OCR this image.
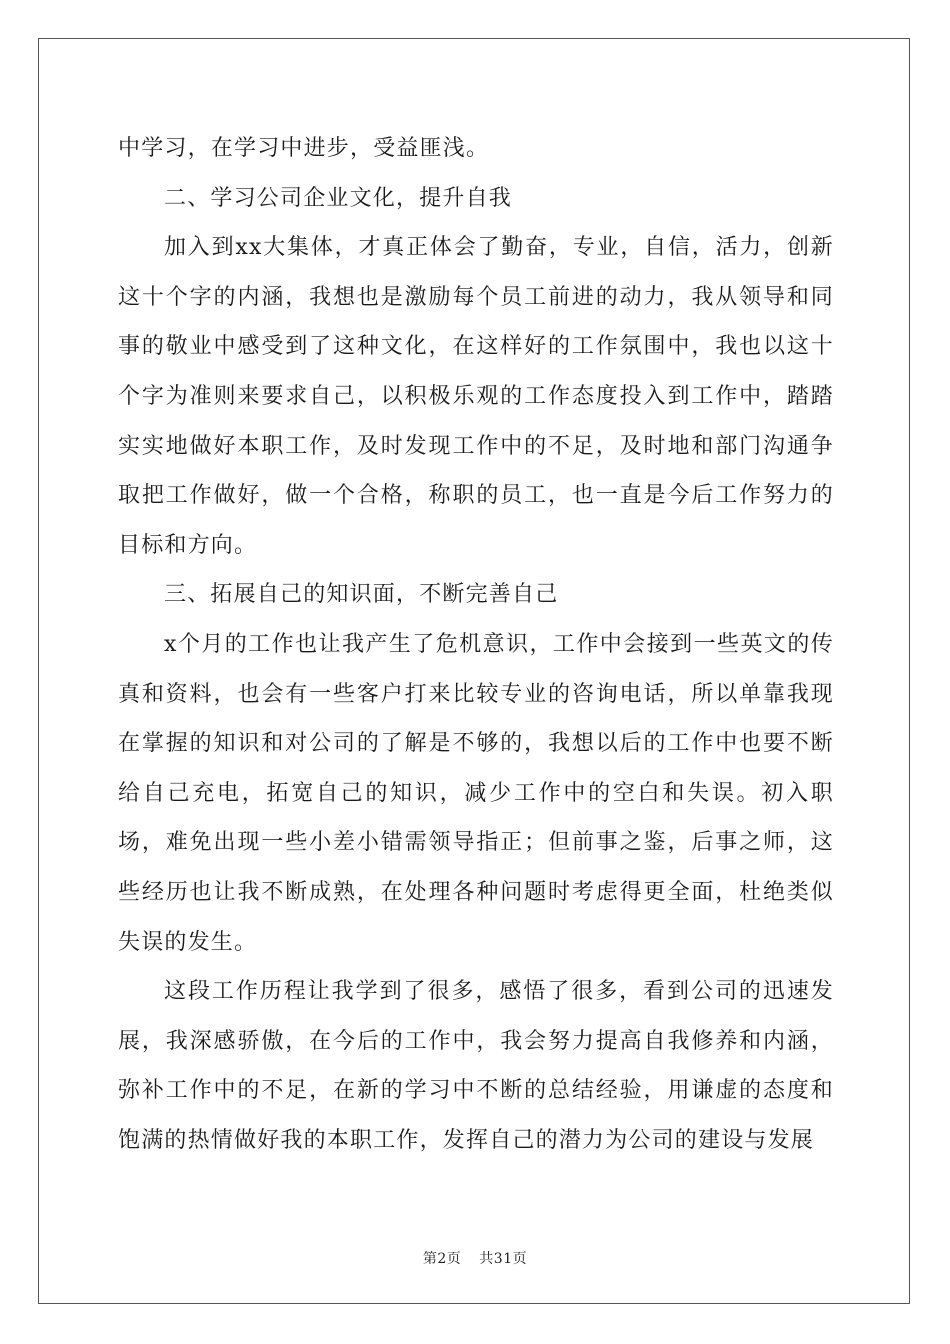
中学习，在学习中进步，受益匪浅。

二、学习公司企业文化，提升自我

加入到xx大集体，才真正体会了勤奋，专业，自信，活力，创新这十个字的内涵，我想也是激励每个员工前进的动力，我从领导和同事的敬业中感受到了这种文化，在这样好的工作氛围中，我也以这十个字为准则来要求自己，以积极乐观的工作态度投入到工作中，踏踏实实地做好本职工作，及时发现工作中的不足，及时地和部门沟通争取把工作做好，做一个合格，称职的员工，也一直是今后工作努力的目标和方向。

三、拓展自己的知识面，不断完善自己

x个月的工作也让我产生了危机意识，工作中会接到一些英文的传真和资料，也会有一些客户打来比较专业的咨询电话，所以单靠我现在掌握的知识和对公司的了解是不够的，我想以后的工作中也要不断给自己充电，拓宽自己的知识，减少工作中的空白和失误。初入职场，难免出现一些小差小错需领导指正；但前事之鉴，后事之师，这些经历也让我不断成熟，在处理各种问题时考虑得更全面，杜绝类似失误的发生。

这段工作历程让我学到了很多，感悟了很多，看到公司的迅速发展，我深感骄傲，在今后的工作中，我会努力提高自我修养和内涵，弥补工作中的不足，在新的学习中不断的总结经验，用谦虚的态度和饱满的热情做好我的本职工作，发挥自己的潜力为公司的建设与发展

第2页 共31页
